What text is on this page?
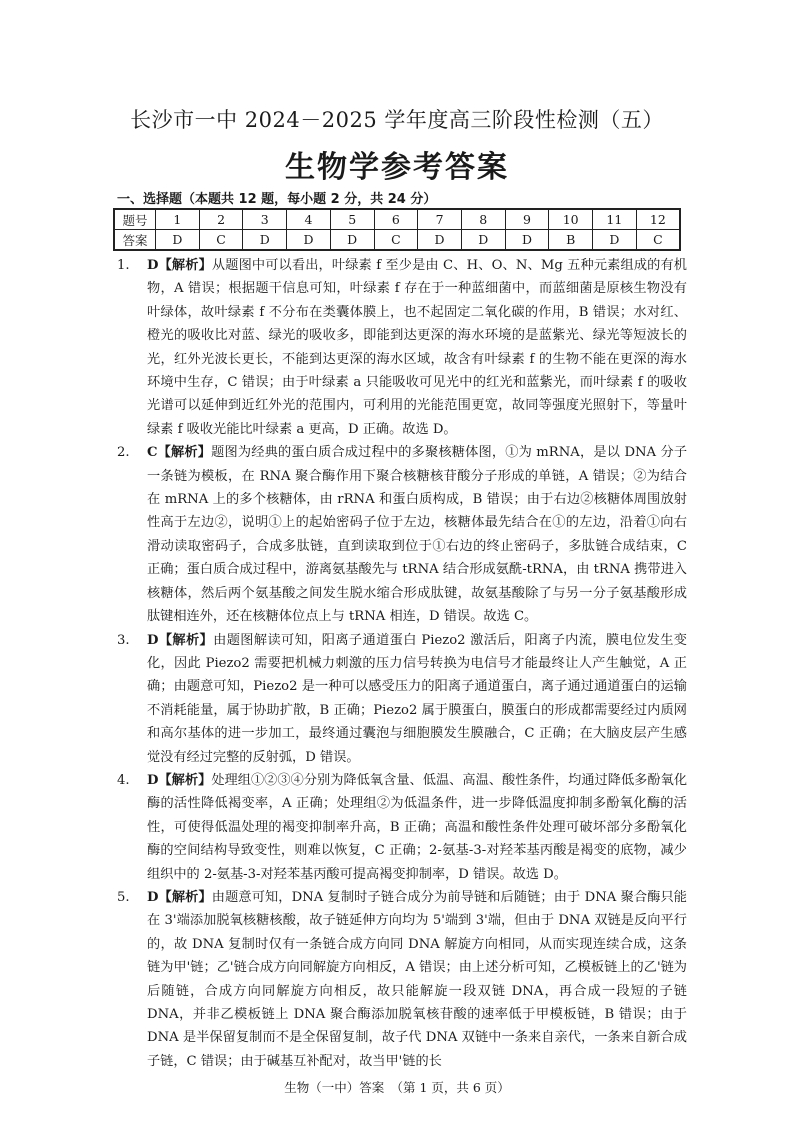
长沙市一中 2024－2025 学年度高三阶段性检测（五）
生物学参考答案
一、选择题（本题共 12 题，每小题 2 分，共 24 分）
题号	1	2	3	4	5	6	7	8	9	10	11	12
答案	D	C	D	D	D	C	D	D	D	B	D	C
1. D【解析】从题图中可以看出，叶绿素 f 至少是由 C、H、O、N、Mg 五种元素组成的有机物，A 错误；根据题干信息可知，叶绿素 f 存在于一种蓝细菌中，而蓝细菌是原核生物没有叶绿体，故叶绿素 f 不分布在类囊体膜上，也不起固定二氧化碳的作用，B 错误；水对红、橙光的吸收比对蓝、绿光的吸收多，即能到达更深的海水环境的是蓝紫光、绿光等短波长的光，红外光波长更长，不能到达更深的海水区域，故含有叶绿素 f 的生物不能在更深的海水环境中生存，C 错误；由于叶绿素 a 只能吸收可见光中的红光和蓝紫光，而叶绿素 f 的吸收光谱可以延伸到近红外光的范围内，可利用的光能范围更宽，故同等强度光照射下，等量叶绿素 f 吸收光能比叶绿素 a 更高，D 正确。故选 D。
2. C【解析】题图为经典的蛋白质合成过程中的多聚核糖体图，①为 mRNA，是以 DNA 分子一条链为模板，在 RNA 聚合酶作用下聚合核糖核苷酸分子形成的单链，A 错误；②为结合在 mRNA 上的多个核糖体，由 rRNA 和蛋白质构成，B 错误；由于右边②核糖体周围放射性高于左边②，说明①上的起始密码子位于左边，核糖体最先结合在①的左边，沿着①向右滑动读取密码子，合成多肽链，直到读取到位于①右边的终止密码子，多肽链合成结束，C 正确；蛋白质合成过程中，游离氨基酸先与 tRNA 结合形成氨酰-tRNA，由 tRNA 携带进入核糖体，然后两个氨基酸之间发生脱水缩合形成肽键，故氨基酸除了与另一分子氨基酸形成肽键相连外，还在核糖体位点上与 tRNA 相连，D 错误。故选 C。
3. D【解析】由题图解读可知，阳离子通道蛋白 Piezo2 激活后，阳离子内流，膜电位发生变化，因此 Piezo2 需要把机械力刺激的压力信号转换为电信号才能最终让人产生触觉，A 正确；由题意可知，Piezo2 是一种可以感受压力的阳离子通道蛋白，离子通过通道蛋白的运输不消耗能量，属于协助扩散，B 正确；Piezo2 属于膜蛋白，膜蛋白的形成都需要经过内质网和高尔基体的进一步加工，最终通过囊泡与细胞膜发生膜融合，C 正确；在大脑皮层产生感觉没有经过完整的反射弧，D 错误。
4. D【解析】处理组①②③④分别为降低氧含量、低温、高温、酸性条件，均通过降低多酚氧化酶的活性降低褐变率，A 正确；处理组②为低温条件，进一步降低温度抑制多酚氧化酶的活性，可使得低温处理的褐变抑制率升高，B 正确；高温和酸性条件处理可破坏部分多酚氧化酶的空间结构导致变性，则难以恢复，C 正确；2-氨基-3-对羟苯基丙酸是褐变的底物，减少组织中的 2-氨基-3-对羟苯基丙酸可提高褐变抑制率，D 错误。故选 D。
5. D【解析】由题意可知，DNA 复制时子链合成分为前导链和后随链；由于 DNA 聚合酶只能在 3'端添加脱氧核糖核酸，故子链延伸方向均为 5'端到 3'端，但由于 DNA 双链是反向平行的，故 DNA 复制时仅有一条链合成方向同 DNA 解旋方向相同，从而实现连续合成，这条链为甲'链；乙'链合成方向同解旋方向相反，A 错误；由上述分析可知，乙模板链上的乙'链为后随链，合成方向同解旋方向相反，故只能解旋一段双链 DNA，再合成一段短的子链 DNA，并非乙模板链上 DNA 聚合酶添加脱氧核苷酸的速率低于甲模板链，B 错误；由于 DNA 是半保留复制而不是全保留复制，故子代 DNA 双链中一条来自亲代，一条来自新合成子链，C 错误；由于碱基互补配对，故当甲'链的长
生物（一中）答案　（第 1 页，共 6 页）
